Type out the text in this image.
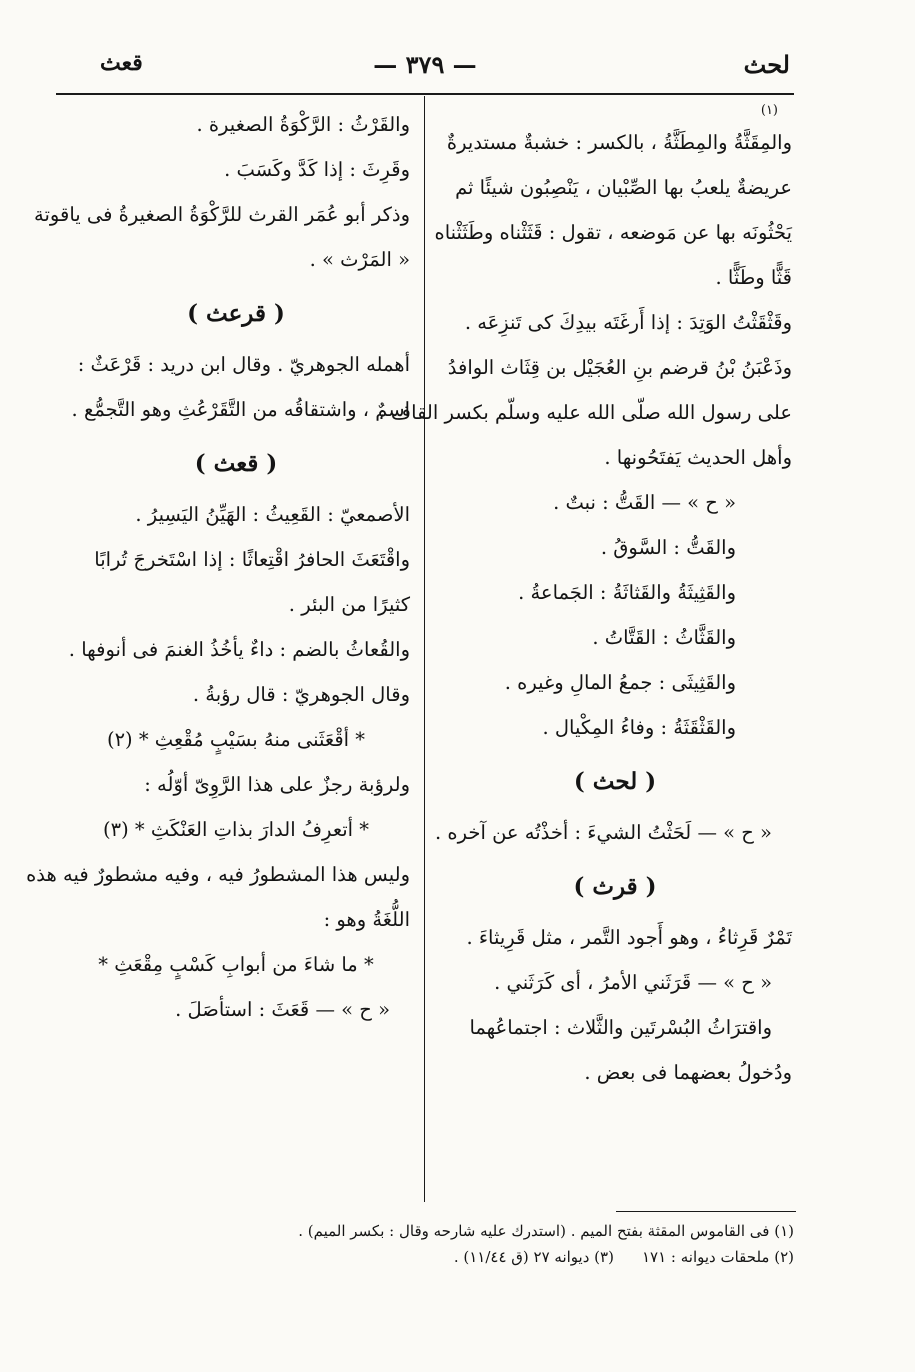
لحث
— ٣٧٩ —
قعث
(١)
والمِقَثَّةُ والمِطَثَّةُ ، بالكسر : خشبةٌ مستديرةٌ
عريضةٌ يلعبُ بها الصِّبْيان ، يَنْصِبُون شيئًا ثم
يَحْثُونَه بها عن مَوضعه ، تقول : قَثَثْناه وطَثَثْناه
قَثًّا وطَثًّا .
وقَثْقَثْتُ الوَتِدَ : إذا أَرغَتَه بيدِكَ كى تَنزِعَه .
وذَعْبَنُ بْنُ قرضم بنِ العُجَيْل بن قِثَاث الوافدُ
على رسول الله صلّى الله عليه وسلّم بكسر القاف ،
وأهل الحديث يَفتَحُونها .
« ح » — القَتُّ : نبتٌ .
والقَتُّ : السَّوقُ .
والقَثِيثَةُ والقَثاثَةُ : الجَماعةُ .
والقَثَّاثُ : القَتَّاتُ .
والقَثِيثَى : جمعُ المالِ وغيره .
والقَثْقَثَةُ : وفاءُ المِكْيال .
( لحث )
« ح » — لَحَثْتُ الشيءَ : أخذْتُه عن آخره .
( قرث )
تَمْرٌ قَرِثاءُ ، وهو أَجود التَّمر ، مثل قَرِيثاءَ .
« ح » — قَرَثَني الأمرُ ، أى كَرَثَني .
واقترَاثُ البُسْرتَين والثَّلاث : اجتماعُهما
ودُخولُ بعضهما فى بعض .
والقَرْثُ : الرَّكْوَةُ الصغيرة .
وقَرِثَ : إذا كَدَّ وكَسَبَ .
وذكر أبو عُمَر القرث للرَّكْوَةُ الصغيرةُ فى ياقوتة
« المَرْث » .
( قرعث )
أهمله الجوهريّ . وقال ابن دريد : قَرْعَثٌ :
اسمٌ ، واشتقاقُه من التَّقَرْعُثِ وهو التَّجمُّع .
( قعث )
الأصمعيّ : القَعِيثُ : الهَيِّنُ اليَسِيرُ .
واقْتَعَثَ الحافرُ اقْتِعاثًا : إذا اسْتَخرجَ تُرابًا
كثيرًا من البئر .
والقُعاثُ بالضم : داءٌ يأخُذُ الغنمَ فى أنوفها .
وقال الجوهريّ : قال رؤبةُ .
* أقْعَثَنى منهُ بسَيْبٍ مُقْعِثِ * (٢)
ولرؤبة رجزٌ على هذا الرَّوِىّ أوّلُه :
* أتعرِفُ الدارَ بذاتِ العَنْكَثِ * (٣)
وليس هذا المشطورُ فيه ، وفيه مشطورٌ فيه هذه
اللُّغَةُ وهو :
* ما شاءَ من أبوابِ كَسْبٍ مِقْعَثِ *
« ح » — قَعَثَ : استأصَلَ .
(١) فى القاموس المقثة بفتح الميم . (استدرك عليه شارحه وقال : بكسر الميم) .
(٢) ملحقات ديوانه : ١٧١(٣) ديوانه ٢٧ (ق ١١/٤٤) .
